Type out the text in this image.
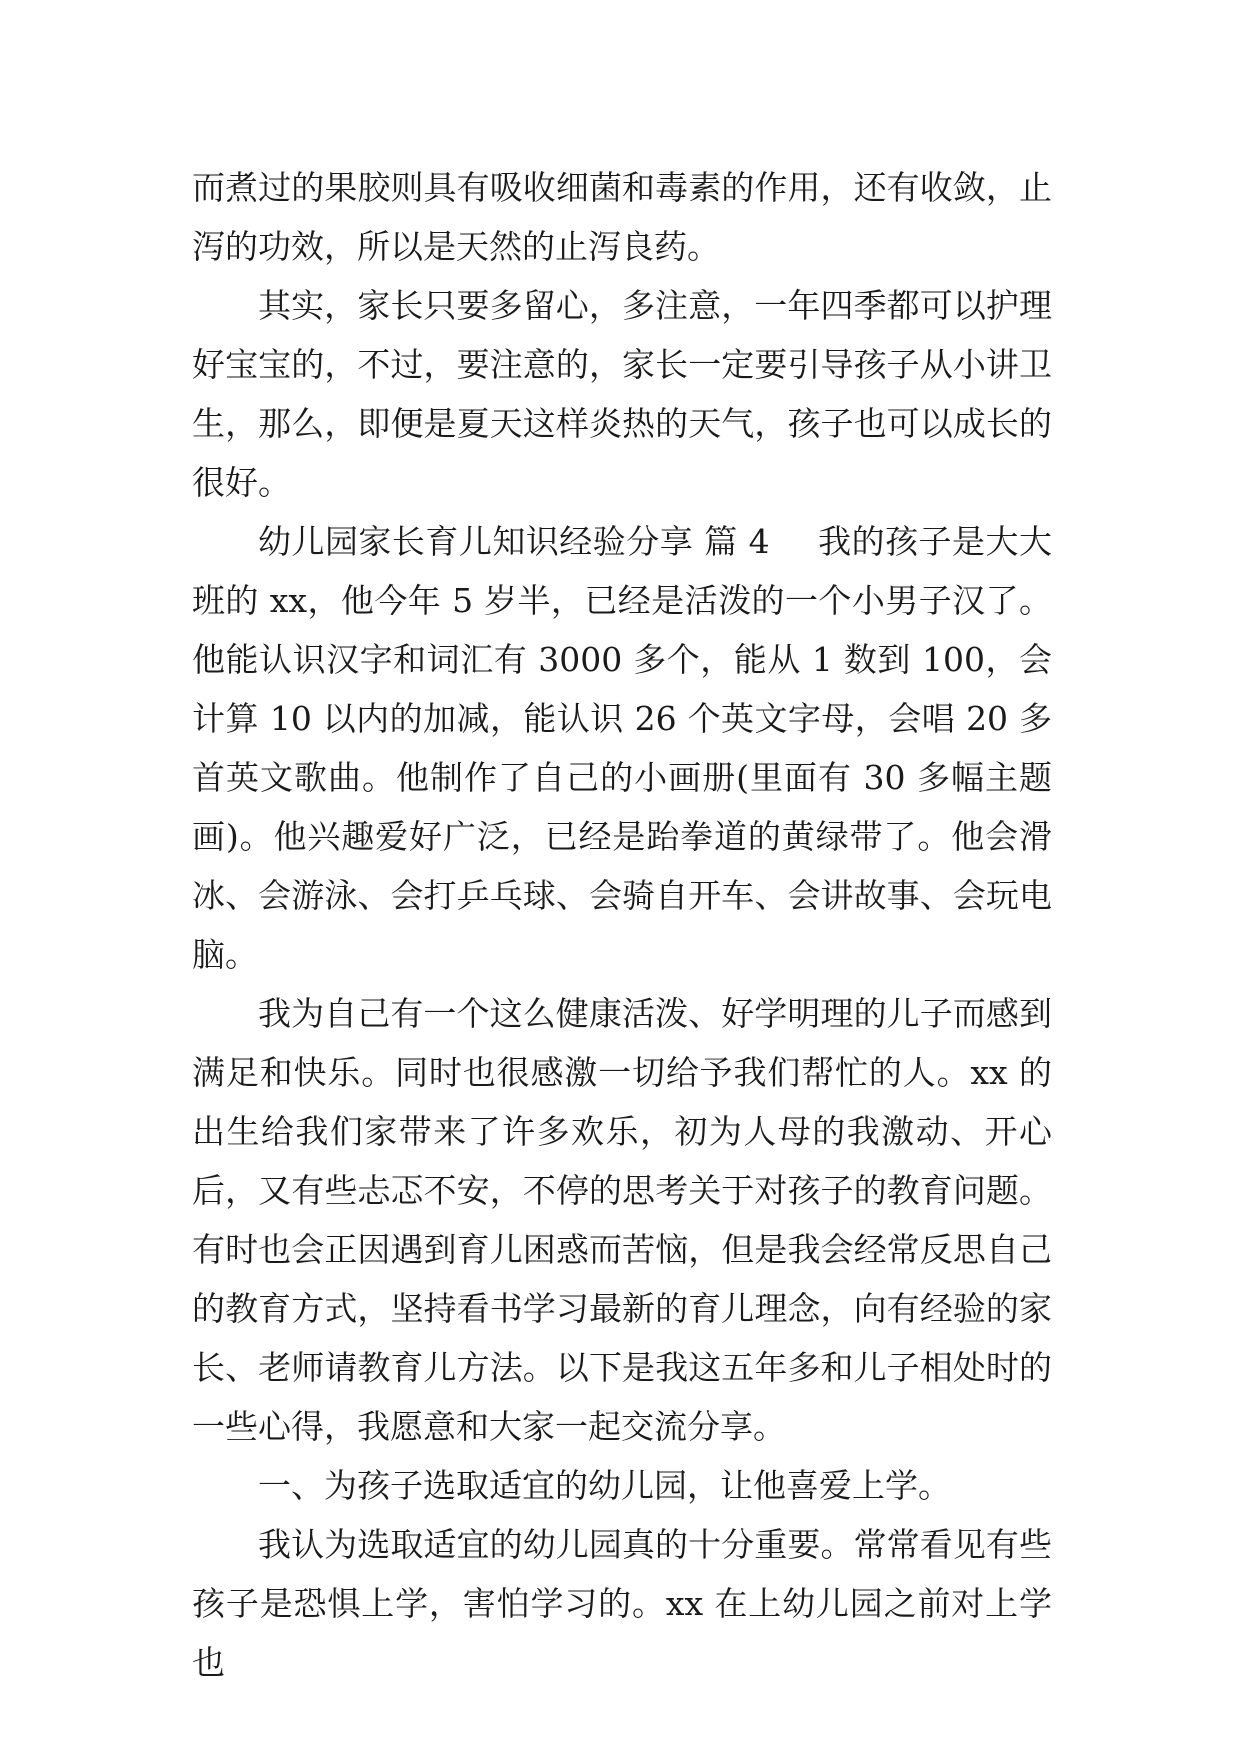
而煮过的果胶则具有吸收细菌和毒素的作用，还有收敛，止泻的功效，所以是天然的止泻良药。

其实，家长只要多留心，多注意，一年四季都可以护理好宝宝的，不过，要注意的，家长一定要引导孩子从小讲卫生，那么，即便是夏天这样炎热的天气，孩子也可以成长的很好。

幼儿园家长育儿知识经验分享 篇 4 我的孩子是大大班的 xx，他今年 5 岁半，已经是活泼的一个小男子汉了。他能认识汉字和词汇有 3000 多个，能从 1 数到 100，会计算 10 以内的加减，能认识 26 个英文字母，会唱 20 多首英文歌曲。他制作了自己的小画册(里面有 30 多幅主题画)。他兴趣爱好广泛，已经是跆拳道的黄绿带了。他会滑冰、会游泳、会打乒乓球、会骑自开车、会讲故事、会玩电脑。

我为自己有一个这么健康活泼、好学明理的儿子而感到满足和快乐。同时也很感激一切给予我们帮忙的人。xx 的出生给我们家带来了许多欢乐，初为人母的我激动、开心后，又有些忐忑不安，不停的思考关于对孩子的教育问题。有时也会正因遇到育儿困惑而苦恼，但是我会经常反思自己的教育方式，坚持看书学习最新的育儿理念，向有经验的家长、老师请教育儿方法。以下是我这五年多和儿子相处时的一些心得，我愿意和大家一起交流分享。

一、为孩子选取适宜的幼儿园，让他喜爱上学。

我认为选取适宜的幼儿园真的十分重要。常常看见有些孩子是恐惧上学，害怕学习的。xx 在上幼儿园之前对上学也
